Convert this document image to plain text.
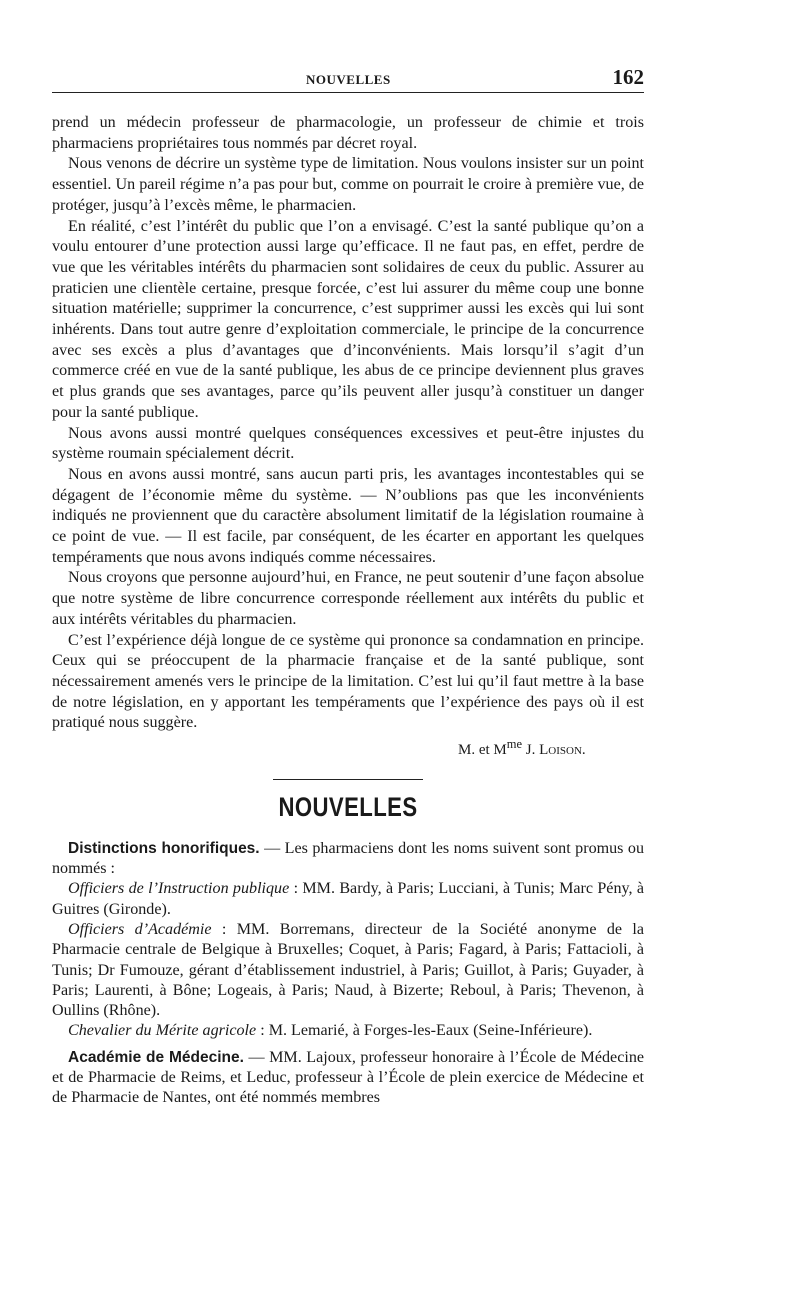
NOUVELLES	162

prend un médecin professeur de pharmacologie, un professeur de chimie et trois pharmaciens propriétaires tous nommés par décret royal.

Nous venons de décrire un système type de limitation. Nous voulons insister sur un point essentiel. Un pareil régime n’a pas pour but, comme on pourrait le croire à première vue, de protéger, jusqu’à l’excès même, le pharmacien.

En réalité, c’est l’intérêt du public que l’on a envisagé. C’est la santé publique qu’on a voulu entourer d’une protection aussi large qu’efficace. Il ne faut pas, en effet, perdre de vue que les véritables intérêts du pharmacien sont solidaires de ceux du public. Assurer au praticien une clientèle certaine, presque forcée, c’est lui assurer du même coup une bonne situation matérielle; supprimer la concurrence, c’est supprimer aussi les excès qui lui sont inhérents. Dans tout autre genre d’exploitation commerciale, le principe de la concurrence avec ses excès a plus d’avantages que d’inconvénients. Mais lorsqu’il s’agit d’un commerce créé en vue de la santé publique, les abus de ce principe deviennent plus graves et plus grands que ses avantages, parce qu’ils peuvent aller jusqu’à constituer un danger pour la santé publique.

Nous avons aussi montré quelques conséquences excessives et peut-être injustes du système roumain spécialement décrit.

Nous en avons aussi montré, sans aucun parti pris, les avantages incontestables qui se dégagent de l’économie même du système. — N’oublions pas que les inconvénients indiqués ne proviennent que du caractère absolument limitatif de la législation roumaine à ce point de vue. — Il est facile, par conséquent, de les écarter en apportant les quelques tempéraments que nous avons indiqués comme nécessaires.

Nous croyons que personne aujourd’hui, en France, ne peut soutenir d’une façon absolue que notre système de libre concurrence corresponde réellement aux intérêts du public et aux intérêts véritables du pharmacien.

C’est l’expérience déjà longue de ce système qui prononce sa condamnation en principe. Ceux qui se préoccupent de la pharmacie française et de la santé publique, sont nécessairement amenés vers le principe de la limitation. C’est lui qu’il faut mettre à la base de notre législation, en y apportant les tempéraments que l’expérience des pays où il est pratiqué nous suggère.

M. et $M^{me}$ J. Loison.

NOUVELLES

Distinctions honorifiques. — Les pharmaciens dont les noms suivent sont promus ou nommés :

Officiers de l’Instruction publique : MM. Bardy, à Paris; Lucciani, à Tunis; Marc Pény, à Guitres (Gironde).

Officiers d’Académie : MM. Borremans, directeur de la Société anonyme de la Pharmacie centrale de Belgique à Bruxelles; Coquet, à Paris; Fagard, à Paris; Fattacioli, à Tunis; Dr Fumouze, gérant d’établissement industriel, à Paris; Guillot, à Paris; Guyader, à Paris; Laurenti, à Bône; Logeais, à Paris; Naud, à Bizerte; Reboul, à Paris; Thevenon, à Oullins (Rhône).

Chevalier du Mérite agricole : M. Lemarié, à Forges-les-Eaux (Seine-Inférieure).

Académie de Médecine. — MM. Lajoux, professeur honoraire à l’École de Médecine et de Pharmacie de Reims, et Leduc, professeur à l’École de plein exercice de Médecine et de Pharmacie de Nantes, ont été nommés membres
